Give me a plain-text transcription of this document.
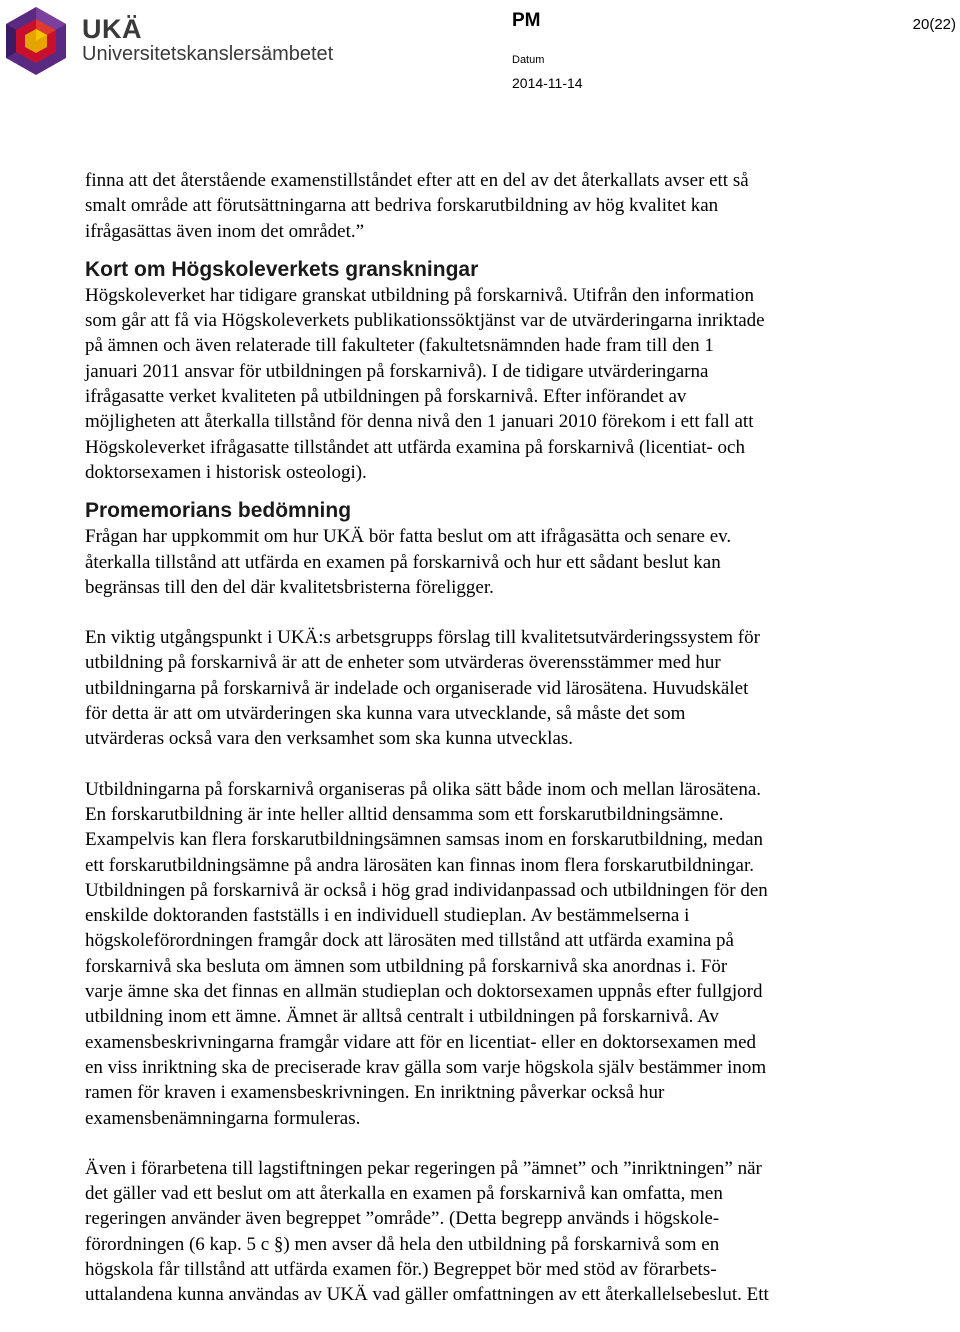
UKÄ
Universitetskanslersämbetet
PM	20(22)
Datum
2014-11-14

finna att det återstående examenstillståndet efter att en del av det återkallats avser ett så
smalt område att förutsättningarna att bedriva forskarutbildning av hög kvalitet kan
ifrågasättas även inom det området.”

Kort om Högskoleverkets granskningar

Högskoleverket har tidigare granskat utbildning på forskarnivå. Utifrån den information
som går att få via Högskoleverkets publikationssöktjänst var de utvärderingarna inriktade
på ämnen och även relaterade till fakulteter (fakultetsnämnden hade fram till den 1
januari 2011 ansvar för utbildningen på forskarnivå). I de tidigare utvärderingarna
ifrågasatte verket kvaliteten på utbildningen på forskarnivå. Efter införandet av
möjligheten att återkalla tillstånd för denna nivå den 1 januari 2010 förekom i ett fall att
Högskoleverket ifrågasatte tillståndet att utfärda examina på forskarnivå (licentiat- och
doktorsexamen i historisk osteologi).

Promemorians bedömning

Frågan har uppkommit om hur UKÄ bör fatta beslut om att ifrågasätta och senare ev.
återkalla tillstånd att utfärda en examen på forskarnivå och hur ett sådant beslut kan
begränsas till den del där kvalitetsbristerna föreligger.

En viktig utgångspunkt i UKÄ:s arbetsgrupps förslag till kvalitetsutvärderingssystem för
utbildning på forskarnivå är att de enheter som utvärderas överensstämmer med hur
utbildningarna på forskarnivå är indelade och organiserade vid lärosätena. Huvudskälet
för detta är att om utvärderingen ska kunna vara utvecklande, så måste det som
utvärderas också vara den verksamhet som ska kunna utvecklas.

Utbildningarna på forskarnivå organiseras på olika sätt både inom och mellan lärosätena.
En forskarutbildning är inte heller alltid densamma som ett forskarutbildningsämne.
Exampelvis kan flera forskarutbildningsämnen samsas inom en forskarutbildning, medan
ett forskarutbildningsämne på andra lärosäten kan finnas inom flera forskarutbildningar.
Utbildningen på forskarnivå är också i hög grad individanpassad och utbildningen för den
enskilde doktoranden fastställs i en individuell studieplan. Av bestämmelserna i
högskoleförordningen framgår dock att lärosäten med tillstånd att utfärda examina på
forskarnivå ska besluta om ämnen som utbildning på forskarnivå ska anordnas i. För
varje ämne ska det finnas en allmän studieplan och doktorsexamen uppnås efter fullgjord
utbildning inom ett ämne. Ämnet är alltså centralt i utbildningen på forskarnivå. Av
examensbeskrivningarna framgår vidare att för en licentiat- eller en doktorsexamen med
en viss inriktning ska de preciserade krav gälla som varje högskola själv bestämmer inom
ramen för kraven i examensbeskrivningen. En inriktning påverkar också hur
examensbenämningarna formuleras.

Även i förarbetena till lagstiftningen pekar regeringen på ”ämnet” och ”inriktningen” när
det gäller vad ett beslut om att återkalla en examen på forskarnivå kan omfatta, men
regeringen använder även begreppet ”område”. (Detta begrepp används i högskole-
förordningen (6 kap. 5 c §) men avser då hela den utbildning på forskarnivå som en
högskola får tillstånd att utfärda examen för.) Begreppet bör med stöd av förarbets-
uttalandena kunna användas av UKÄ vad gäller omfattningen av ett återkallelsebeslut. Ett
